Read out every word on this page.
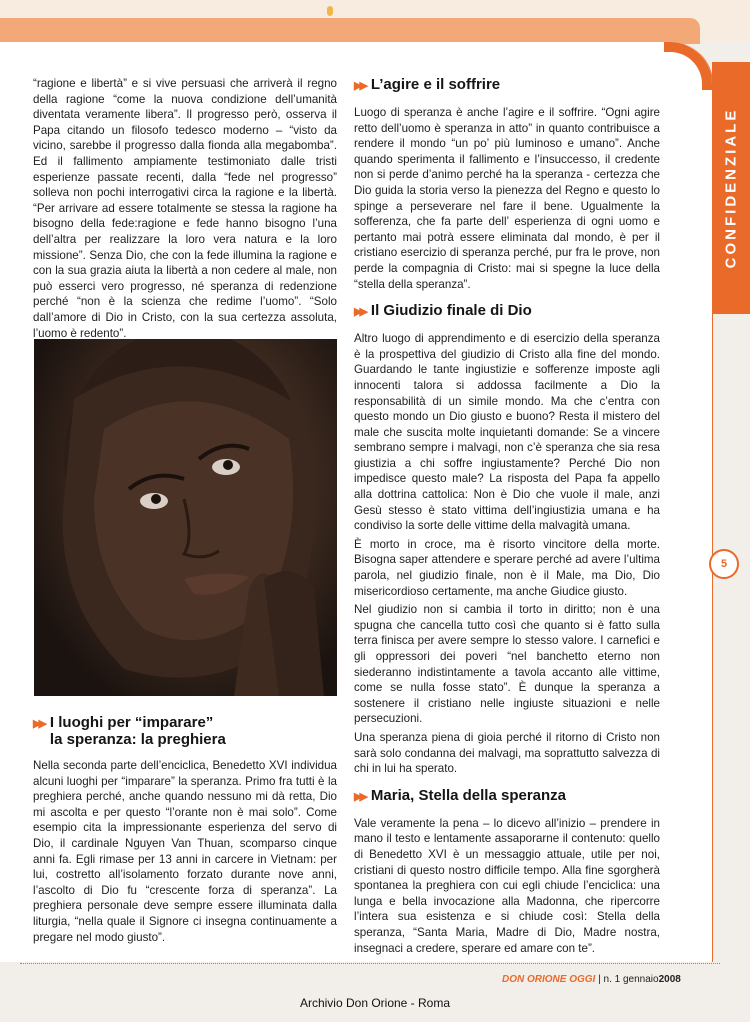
CONFIDENZIALE
5

“ragione e libertà” e si vive persuasi che arriverà il regno della ragione “come la nuova condizione dell’umanità diventata veramente libera”. Il progresso però, osserva il Papa citando un filosofo tedesco moderno – “visto da vicino, sarebbe il progresso dalla fionda alla megabomba”. Ed il fallimento ampiamente testimoniato dalle tristi esperienze passate recenti, dalla “fede nel progresso” solleva non pochi interrogativi circa la ragione e la libertà. “Per arrivare ad essere totalmente se stessa la ragione ha bisogno della fede:ragione e fede hanno bisogno l’una dell’altra per realizzare la loro vera natura e la loro missione”. Senza Dio, che con la fede illumina la ragione e con la sua grazia aiuta la libertà a non cedere al male, non può esserci vero progresso, né speranza di redenzione perché “non è la scienza che redime l’uomo”. “Solo dall’amore di Dio in Cristo, con la sua certezza assoluta, l’uomo è redento”.

▶▶ I luoghi per “imparare”
la speranza: la preghiera

Nella seconda parte dell’enciclica, Benedetto XVI individua alcuni luoghi per “imparare” la speranza. Primo fra tutti è la preghiera perché, anche quando nessuno mi dà retta, Dio mi ascolta e per questo “l’orante non è mai solo”. Come esempio cita la impressionante esperienza del servo di Dio, il cardinale Nguyen Van Thuan, scomparso cinque anni fa. Egli rimase per 13 anni in carcere in Vietnam: per lui, costretto all’isolamento forzato durante nove anni, l’ascolto di Dio fu “crescente forza di speranza”. La preghiera personale deve sempre essere illuminata dalla liturgia, “nella quale il Signore ci insegna continuamente a pregare nel modo giusto”.

▶▶ L’agire e il soffrire

Luogo di speranza è anche l’agire e il soffrire. “Ogni agire retto dell’uomo è speranza in atto” in quanto contribuisce a rendere il mondo “un po’ più luminoso e umano”. Anche quando sperimenta il fallimento e l’insuccesso, il credente non si perde d’animo perché ha la speranza - certezza che Dio guida la storia verso la pienezza del Regno e questo lo spinge a perseverare nel fare il bene. Ugualmente la sofferenza, che fa parte dell’ esperienza di ogni uomo e pertanto mai potrà essere eliminata dal mondo, è per il cristiano esercizio di speranza perché, pur fra le prove, non perde la compagnia di Cristo: mai si spegne la luce della “stella della speranza”.

▶▶ Il Giudizio finale di Dio

Altro luogo di apprendimento e di esercizio della speranza è la prospettiva del giudizio di Cristo alla fine del mondo. Guardando le tante ingiustizie e sofferenze imposte agli innocenti talora si addossa facilmente a Dio la responsabilità di un simile mondo. Ma che c’entra con questo mondo un Dio giusto e buono? Resta il mistero del male che suscita molte inquietanti domande: Se a vincere sembrano sempre i malvagi, non c’è speranza che sia resa giustizia a chi soffre ingiustamente? Perché Dio non impedisce questo male? La risposta del Papa fa appello alla dottrina cattolica: Non è Dio che vuole il male, anzi Gesù stesso è stato vittima dell’ingiustizia umana e ha condiviso la sorte delle vittime della malvagità umana.

È morto in croce, ma è risorto vincitore della morte. Bisogna saper attendere e sperare perché ad avere l’ultima parola, nel giudizio finale, non è il Male, ma Dio, Dio misericordioso certamente, ma anche Giudice giusto.

Nel giudizio non si cambia il torto in diritto; non è una spugna che cancella tutto così che quanto si è fatto sulla terra finisca per avere sempre lo stesso valore. I carnefici e gli oppressori dei poveri “nel banchetto eterno non siederanno indistintamente a tavola accanto alle vittime, come se nulla fosse stato”. È dunque la speranza a sostenere il cristiano nelle ingiuste situazioni e nelle persecuzioni.

Una speranza piena di gioia perché il ritorno di Cristo non sarà solo condanna dei malvagi, ma soprattutto salvezza di chi in lui ha sperato.

▶▶ Maria, Stella della speranza

Vale veramente la pena – lo dicevo all’inizio – prendere in mano il testo e lentamente assaporarne il contenuto: quello di Benedetto XVI è un messaggio attuale, utile per noi, cristiani di questo nostro difficile tempo. Alla fine sgorgherà spontanea la preghiera con cui egli chiude l’enciclica: una lunga e bella invocazione alla Madonna, che ripercorre l’intera sua esistenza e si chiude così: Stella della speranza, “Santa Maria, Madre di Dio, Madre nostra, insegnaci a credere, sperare ed amare con te”.

DON ORIONE OGGI | n. 1 gennaio2008
Archivio Don Orione - Roma
